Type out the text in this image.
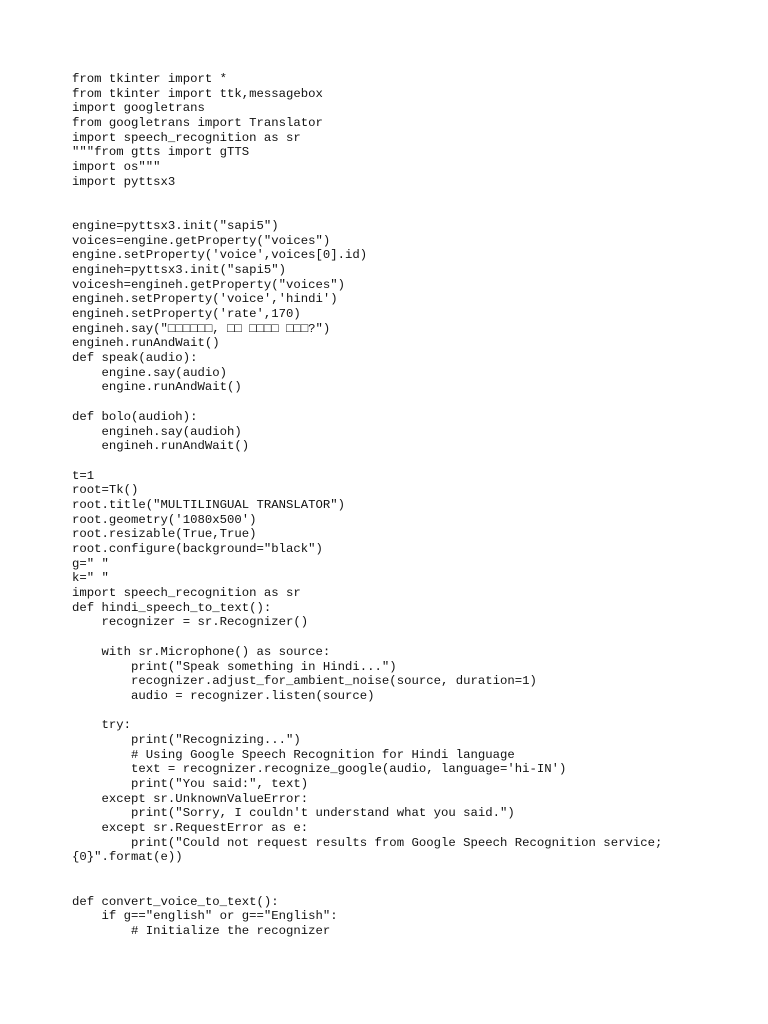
from tkinter import *
from tkinter import ttk,messagebox
import googletrans
from googletrans import Translator
import speech_recognition as sr
"""from gtts import gTTS
import os"""
import pyttsx3
engine=pyttsx3.init("sapi5")
voices=engine.getProperty("voices")
engine.setProperty('voice',voices[0].id)
engineh=pyttsx3.init("sapi5")
voicesh=engineh.getProperty("voices")
engineh.setProperty('voice','hindi')
engineh.setProperty('rate',170)
engineh.say("□□□□□□, □□ □□□□ □□□?")
engineh.runAndWait()
def speak(audio):
engine.say(audio)
engine.runAndWait()
def bolo(audioh):
engineh.say(audioh)
engineh.runAndWait()
t=1
root=Tk()
root.title("MULTILINGUAL TRANSLATOR")
root.geometry('1080x500')
root.resizable(True,True)
root.configure(background="black")
g=" "
k=" "
import speech_recognition as sr
def hindi_speech_to_text():
recognizer = sr.Recognizer()
with sr.Microphone() as source:
print("Speak something in Hindi...")
recognizer.adjust_for_ambient_noise(source, duration=1)
audio = recognizer.listen(source)
try:
print("Recognizing...")
# Using Google Speech Recognition for Hindi language
text = recognizer.recognize_google(audio, language='hi-IN')
print("You said:", text)
except sr.UnknownValueError:
print("Sorry, I couldn't understand what you said.")
except sr.RequestError as e:
print("Could not request results from Google Speech Recognition service;
{0}".format(e))
def convert_voice_to_text():
if g=="english" or g=="English":
# Initialize the recognizer
